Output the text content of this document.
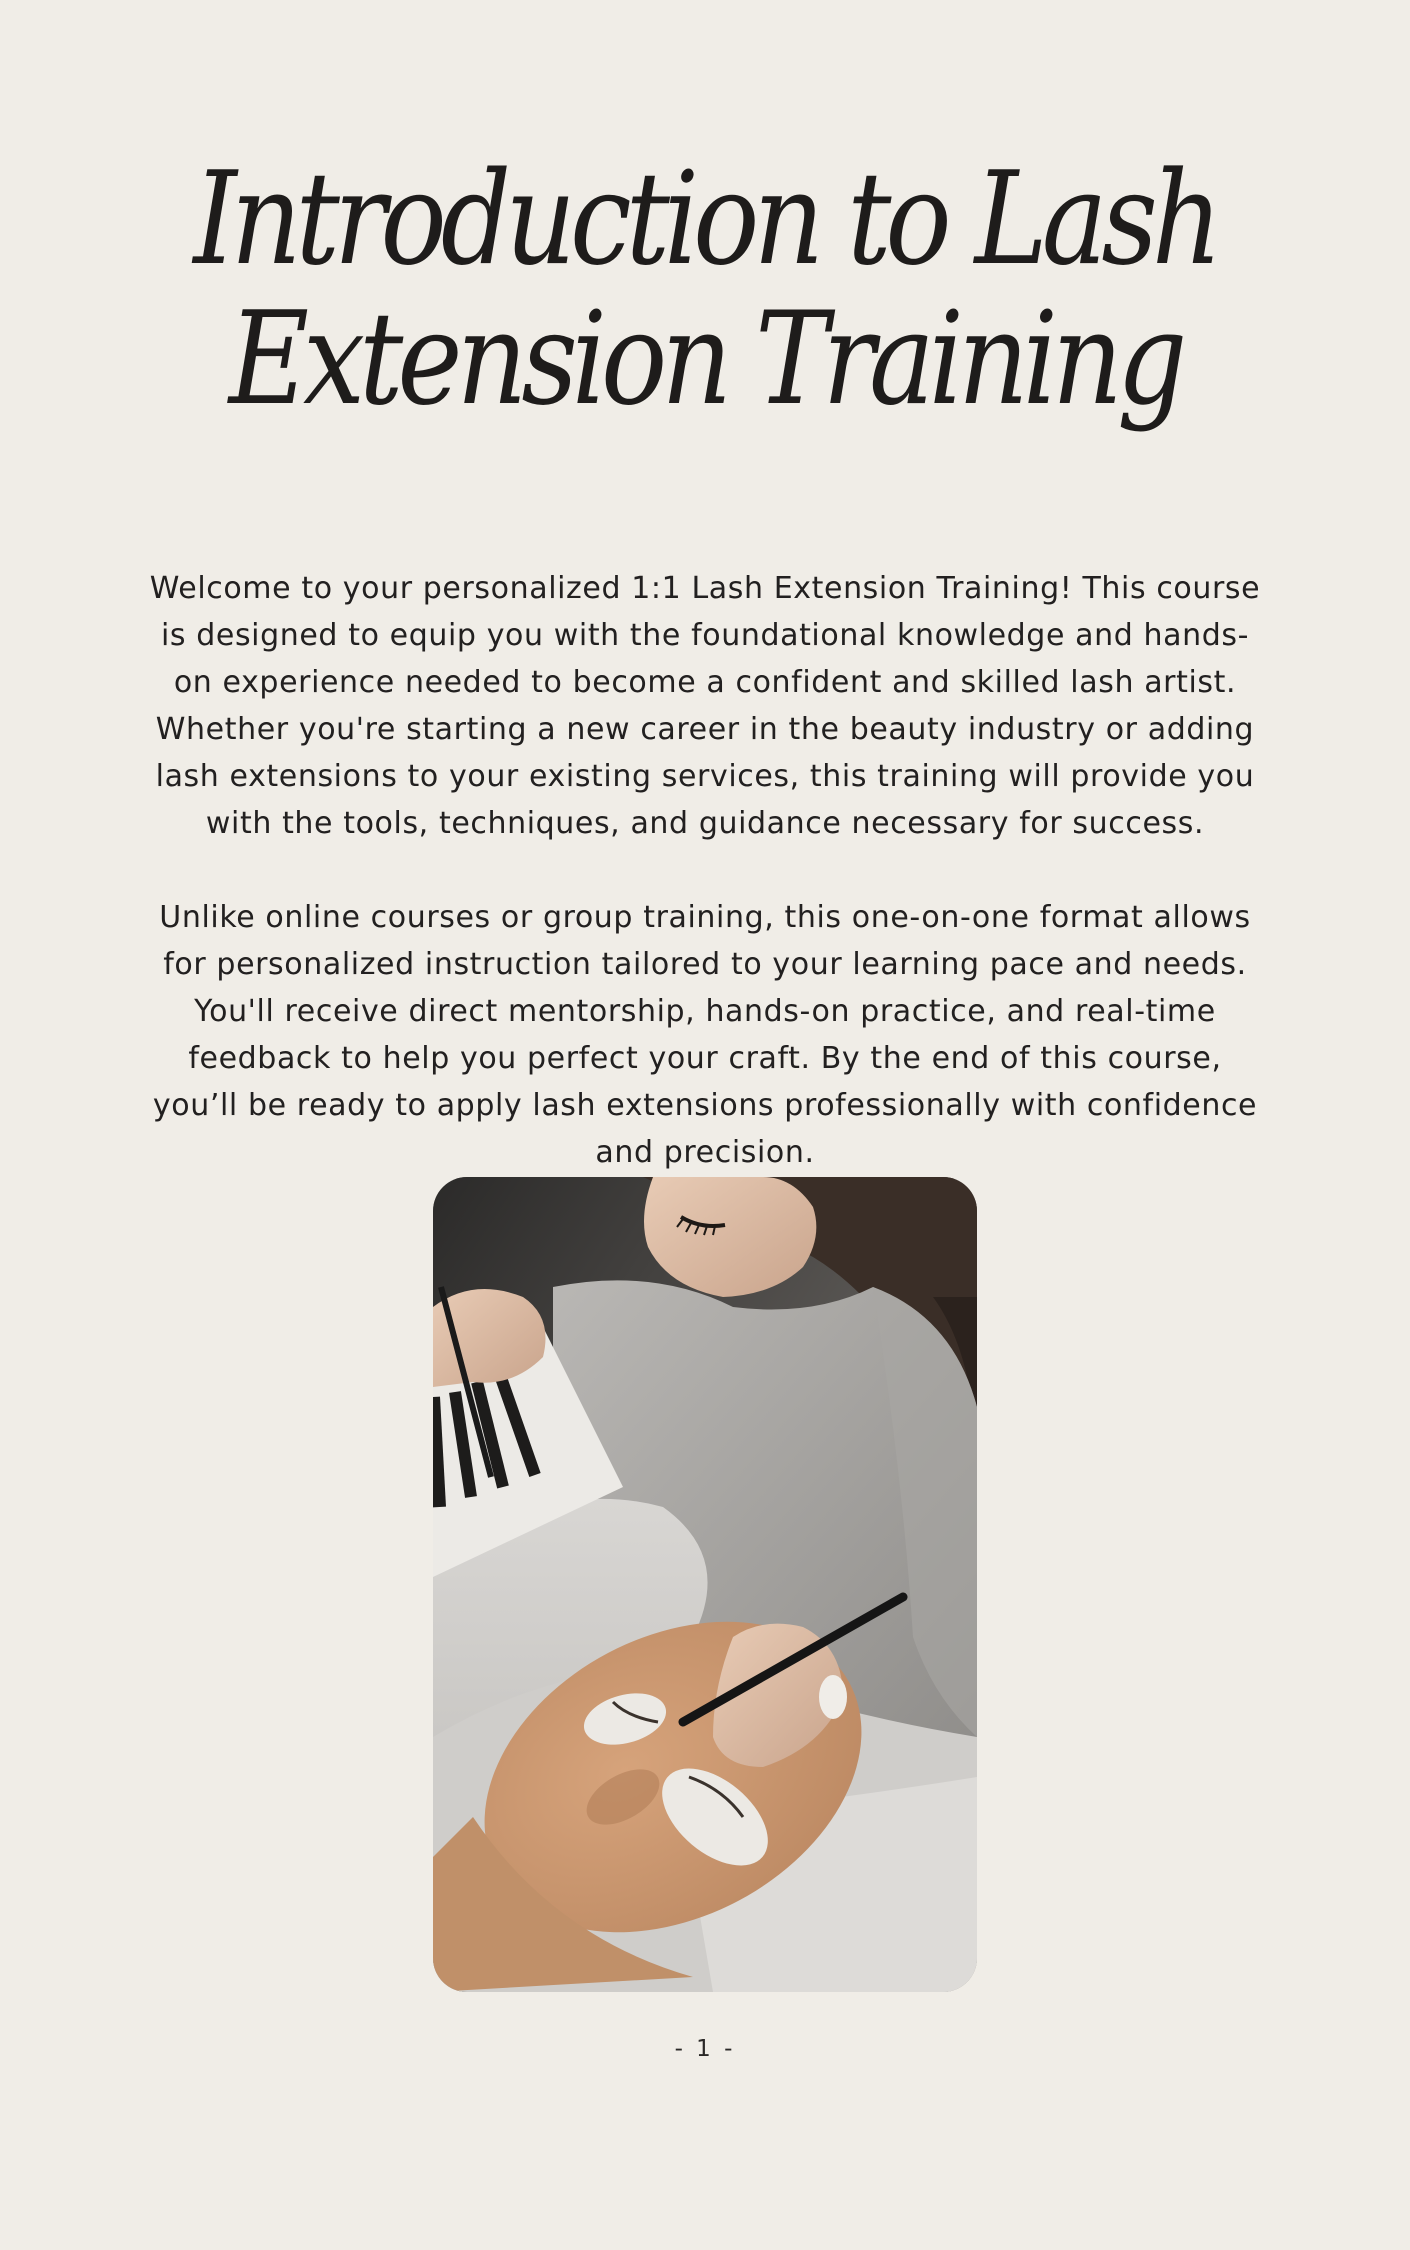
Introduction to Lash
Extension Training

Welcome to your personalized 1:1 Lash Extension Training! This course is designed to equip you with the foundational knowledge and hands-on experience needed to become a confident and skilled lash artist. Whether you're starting a new career in the beauty industry or adding lash extensions to your existing services, this training will provide you with the tools, techniques, and guidance necessary for success.

Unlike online courses or group training, this one-on-one format allows for personalized instruction tailored to your learning pace and needs. You'll receive direct mentorship, hands-on practice, and real-time feedback to help you perfect your craft. By the end of this course, you’ll be ready to apply lash extensions professionally with confidence and precision.

- 1 -
